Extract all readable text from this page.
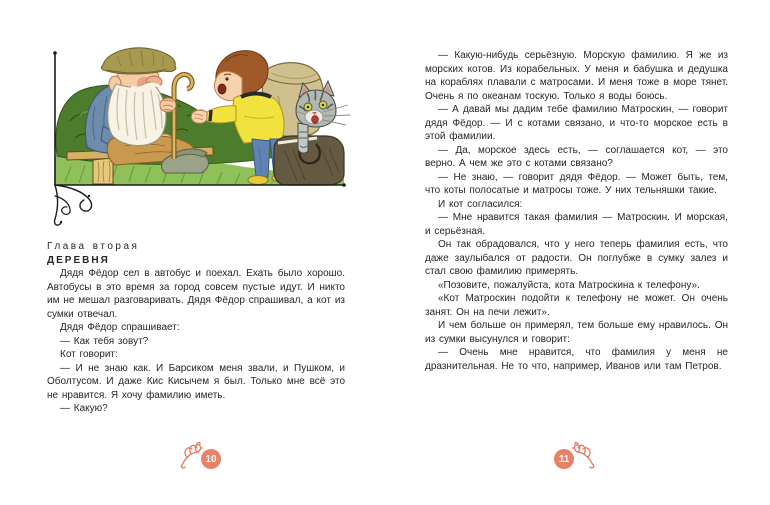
Глава вторая

ДЕРЕВНЯ

Дядя Фёдор сел в автобус и поехал. Ехать было хорошо. Автобусы в это время за город совсем пустые идут. И никто им не мешал разговаривать. Дядя Фёдор спрашивал, а кот из сумки отвечал.

Дядя Фёдор спрашивает:

— Как тебя зовут?

Кот говорит:

— И не знаю как. И Барсиком меня звали, и Пушком, и Оболтусом. И даже Кис Кисычем я был. Только мне всё это не нравится. Я хочу фамилию иметь.

— Какую?

10

— Какую-нибудь серьёзную. Морскую фамилию. Я же из морских котов. Из корабельных. У меня и бабушка и дедушка на кораблях плавали с матросами. И меня тоже в море тянет. Очень я по океанам тоскую. Только я воды боюсь.

— А давай мы дадим тебе фамилию Матроскин, — говорит дядя Фёдор. — И с котами связано, и что-то морское есть в этой фамилии.

— Да, морское здесь есть, — соглашается кот, — это верно. А чем же это с котами связано?

— Не знаю, — говорит дядя Фёдор. — Может быть, тем, что коты полосатые и матросы тоже. У них тельняшки такие.

И кот согласился:

— Мне нравится такая фамилия — Матроскин. И морская, и серьёзная.

Он так обрадовался, что у него теперь фамилия есть, что даже заулыбался от радости. Он поглубже в сумку залез и стал свою фамилию примерять.

«Позовите, пожалуйста, кота Матроскина к телефону».

«Кот Матроскин подойти к телефону не может. Он очень занят. Он на печи лежит».

И чем больше он примерял, тем больше ему нравилось. Он из сумки высунулся и говорит:

— Очень мне нравится, что фамилия у меня не дразнительная. Не то что, например, Иванов или там Петров.

11
